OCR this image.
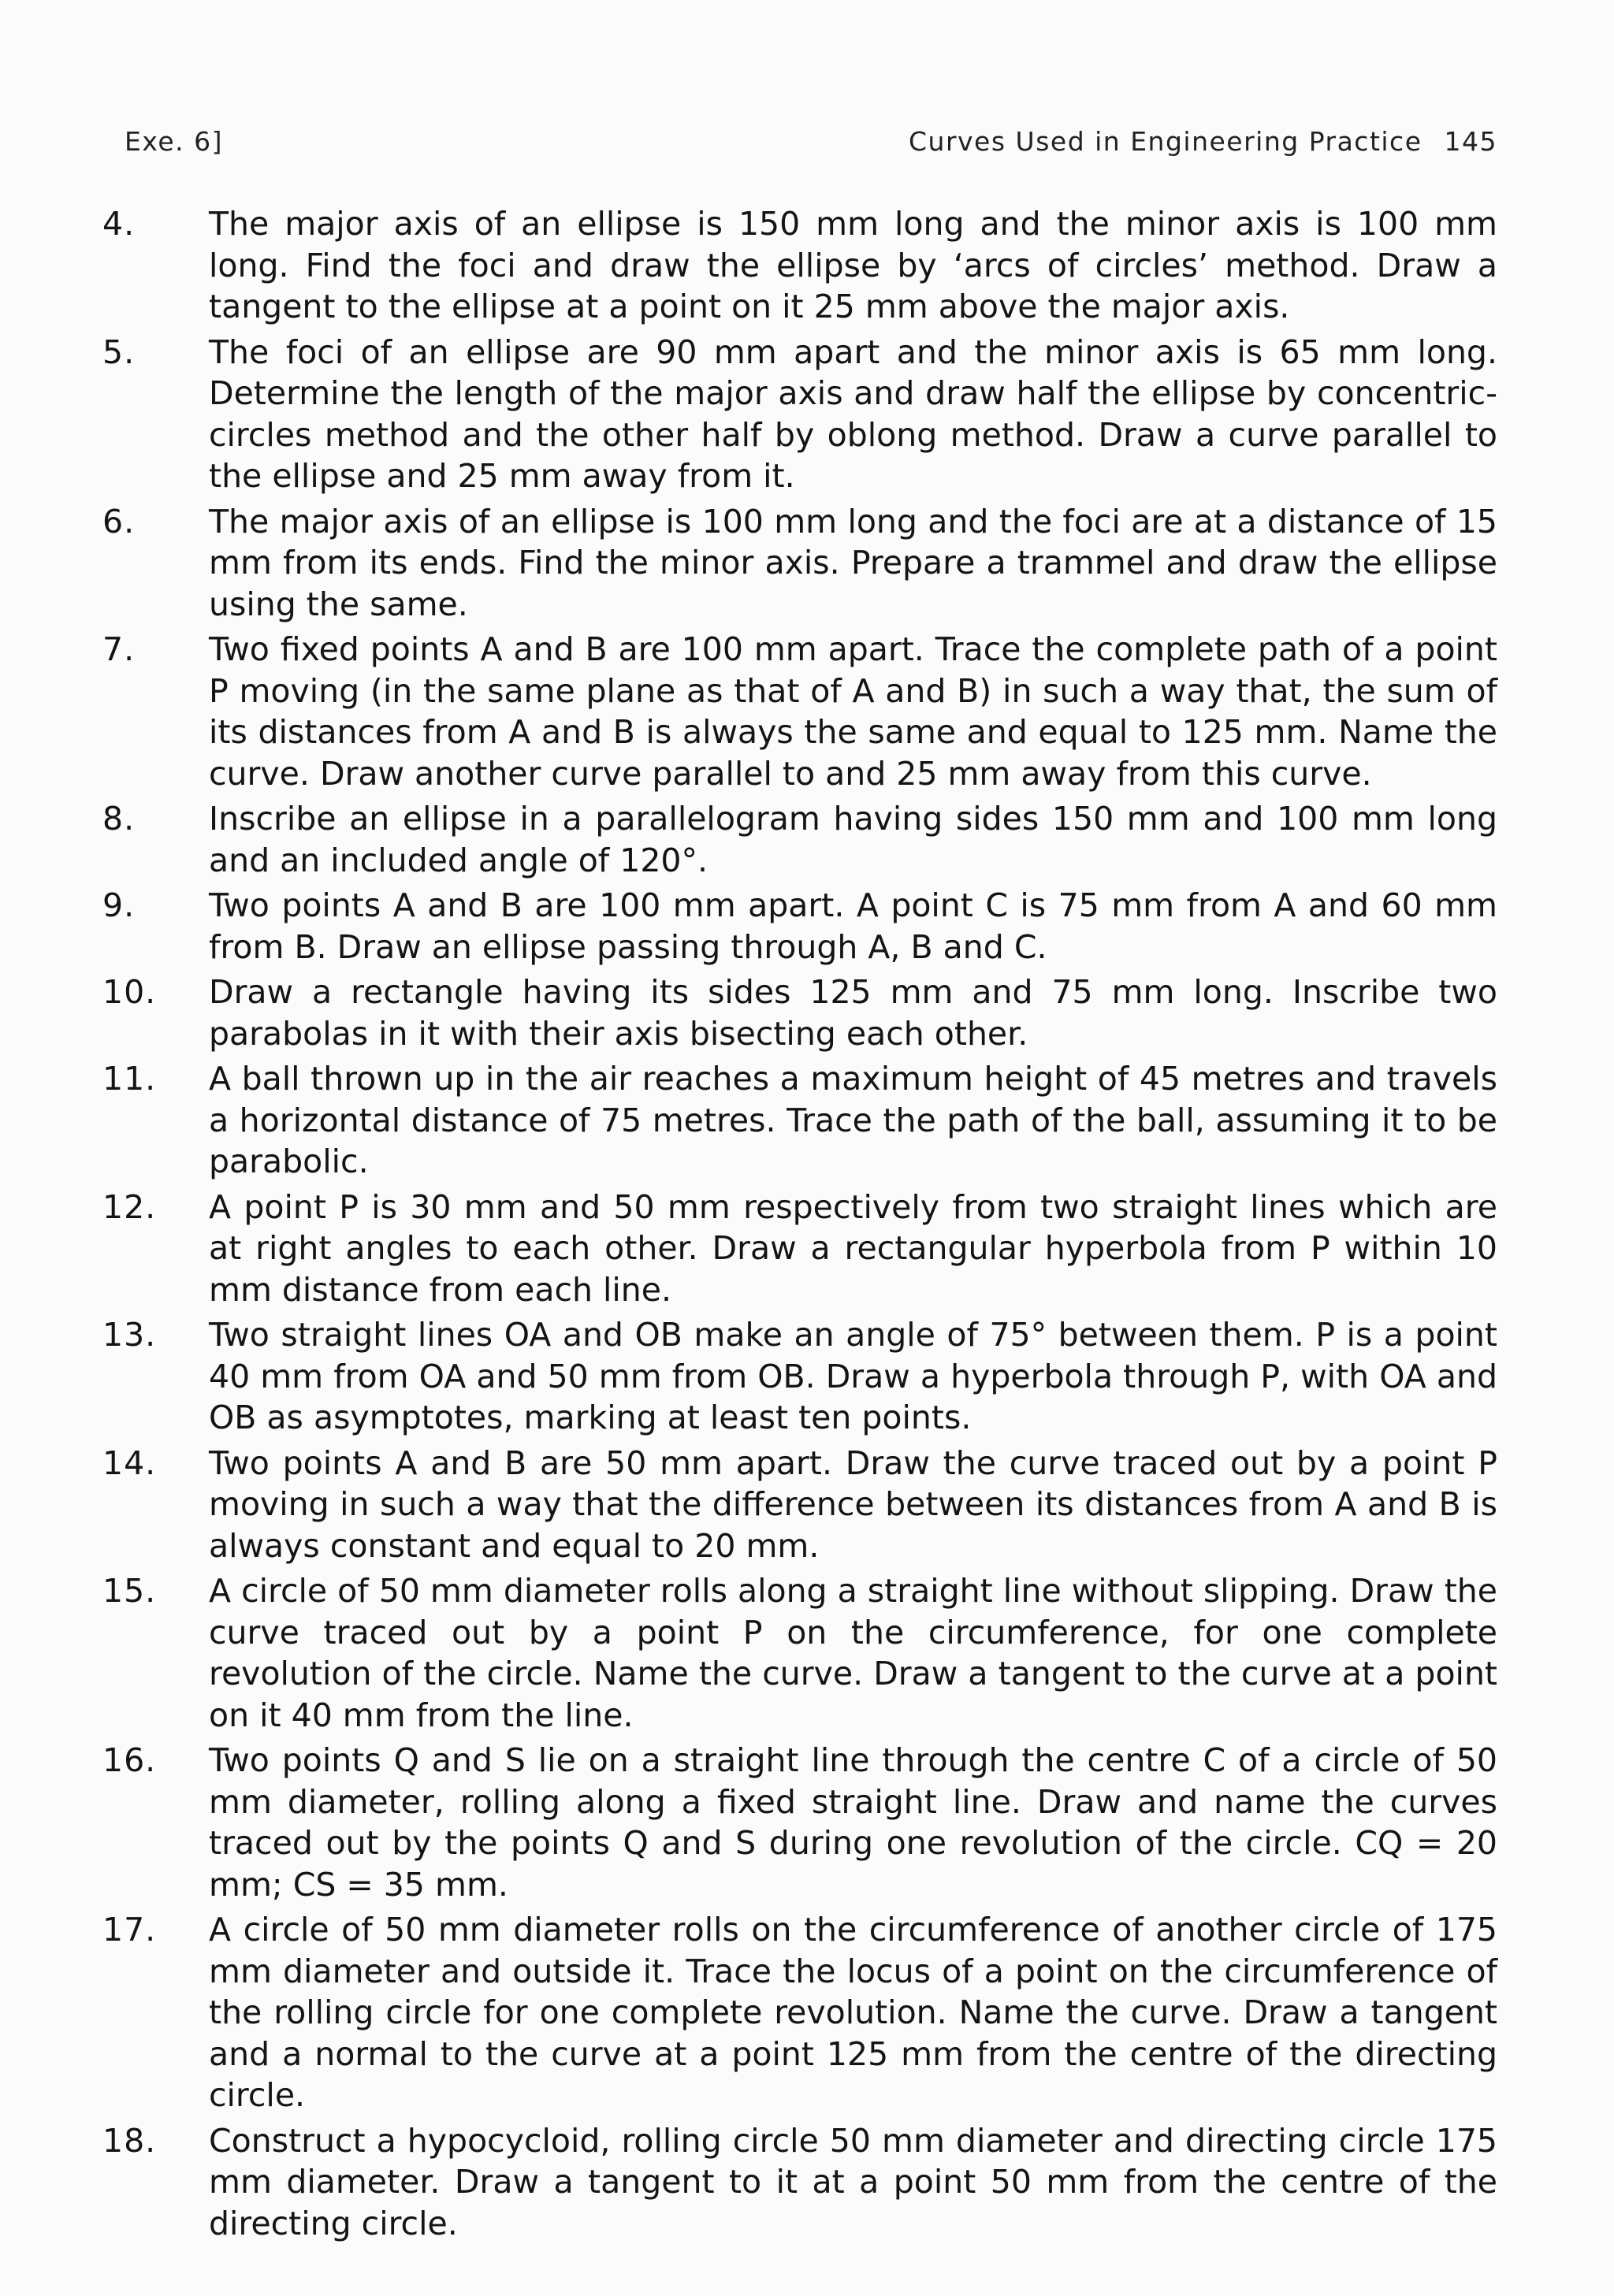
Exe. 6]	Curves Used in Engineering Practice 145
4.	The major axis of an ellipse is 150 mm long and the minor axis is 100 mm long. Find the foci and draw the ellipse by ‘arcs of circles’ method. Draw a tangent to the ellipse at a point on it 25 mm above the major axis.
5.	The foci of an ellipse are 90 mm apart and the minor axis is 65 mm long. Determine the length of the major axis and draw half the ellipse by concentric-circles method and the other half by oblong method. Draw a curve parallel to the ellipse and 25 mm away from it.
6.	The major axis of an ellipse is 100 mm long and the foci are at a distance of 15 mm from its ends. Find the minor axis. Prepare a trammel and draw the ellipse using the same.
7.	Two fixed points A and B are 100 mm apart. Trace the complete path of a point P moving (in the same plane as that of A and B) in such a way that, the sum of its distances from A and B is always the same and equal to 125 mm. Name the curve. Draw another curve parallel to and 25 mm away from this curve.
8.	Inscribe an ellipse in a parallelogram having sides 150 mm and 100 mm long and an included angle of 120°.
9.	Two points A and B are 100 mm apart. A point C is 75 mm from A and 60 mm from B. Draw an ellipse passing through A, B and C.
10.	Draw a rectangle having its sides 125 mm and 75 mm long. Inscribe two parabolas in it with their axis bisecting each other.
11.	A ball thrown up in the air reaches a maximum height of 45 metres and travels a horizontal distance of 75 metres. Trace the path of the ball, assuming it to be parabolic.
12.	A point P is 30 mm and 50 mm respectively from two straight lines which are at right angles to each other. Draw a rectangular hyperbola from P within 10 mm distance from each line.
13.	Two straight lines OA and OB make an angle of 75° between them. P is a point 40 mm from OA and 50 mm from OB. Draw a hyperbola through P, with OA and OB as asymptotes, marking at least ten points.
14.	Two points A and B are 50 mm apart. Draw the curve traced out by a point P moving in such a way that the difference between its distances from A and B is always constant and equal to 20 mm.
15.	A circle of 50 mm diameter rolls along a straight line without slipping. Draw the curve traced out by a point P on the circumference, for one complete revolution of the circle. Name the curve. Draw a tangent to the curve at a point on it 40 mm from the line.
16.	Two points Q and S lie on a straight line through the centre C of a circle of 50 mm diameter, rolling along a fixed straight line. Draw and name the curves traced out by the points Q and S during one revolution of the circle. CQ = 20 mm; CS = 35 mm.
17.	A circle of 50 mm diameter rolls on the circumference of another circle of 175 mm diameter and outside it. Trace the locus of a point on the circumference of the rolling circle for one complete revolution. Name the curve. Draw a tangent and a normal to the curve at a point 125 mm from the centre of the directing circle.
18.	Construct a hypocycloid, rolling circle 50 mm diameter and directing circle 175 mm diameter. Draw a tangent to it at a point 50 mm from the centre of the directing circle.
